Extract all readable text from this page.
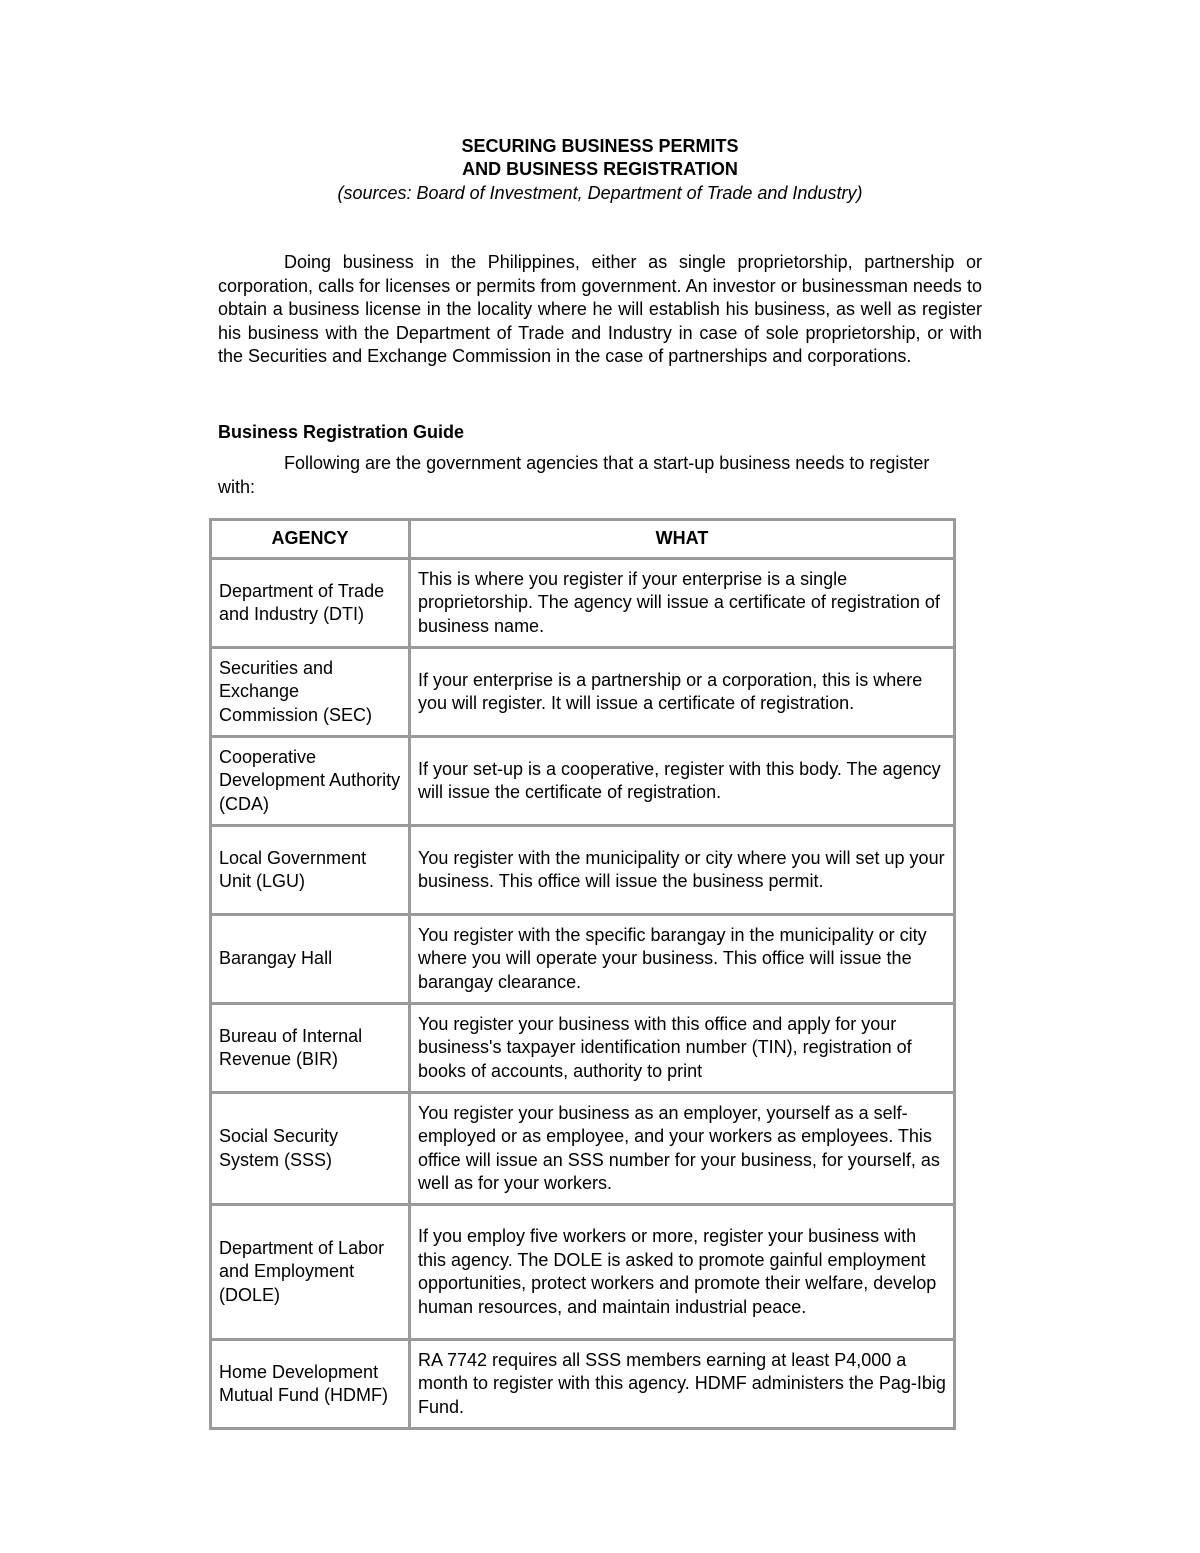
SECURING BUSINESS PERMITS
AND BUSINESS REGISTRATION
(sources: Board of Investment, Department of Trade and Industry)

Doing business in the Philippines, either as single proprietorship, partnership or corporation, calls for licenses or permits from government. An investor or businessman needs to obtain a business license in the locality where he will establish his business, as well as register his business with the Department of Trade and Industry in case of sole proprietorship, or with the Securities and Exchange Commission in the case of partnerships and corporations.

Business Registration Guide

Following are the government agencies that a start-up business needs to register with:

AGENCY	WHAT
Department of Trade and Industry (DTI)	This is where you register if your enterprise is a single proprietorship. The agency will issue a certificate of registration of business name.
Securities and Exchange Commission (SEC)	If your enterprise is a partnership or a corporation, this is where you will register. It will issue a certificate of registration.
Cooperative Development Authority (CDA)	If your set-up is a cooperative, register with this body. The agency will issue the certificate of registration.
Local Government Unit (LGU)	You register with the municipality or city where you will set up your business. This office will issue the business permit.
Barangay Hall	You register with the specific barangay in the municipality or city where you will operate your business. This office will issue the barangay clearance.
Bureau of Internal Revenue (BIR)	You register your business with this office and apply for your business's taxpayer identification number (TIN), registration of books of accounts, authority to print
Social Security System (SSS)	You register your business as an employer, yourself as a self-employed or as employee, and your workers as employees. This office will issue an SSS number for your business, for yourself, as well as for your workers.
Department of Labor and Employment (DOLE)	If you employ five workers or more, register your business with this agency. The DOLE is asked to promote gainful employment opportunities, protect workers and promote their welfare, develop human resources, and maintain industrial peace.
Home Development Mutual Fund (HDMF)	RA 7742 requires all SSS members earning at least P4,000 a month to register with this agency. HDMF administers the Pag-Ibig Fund.
